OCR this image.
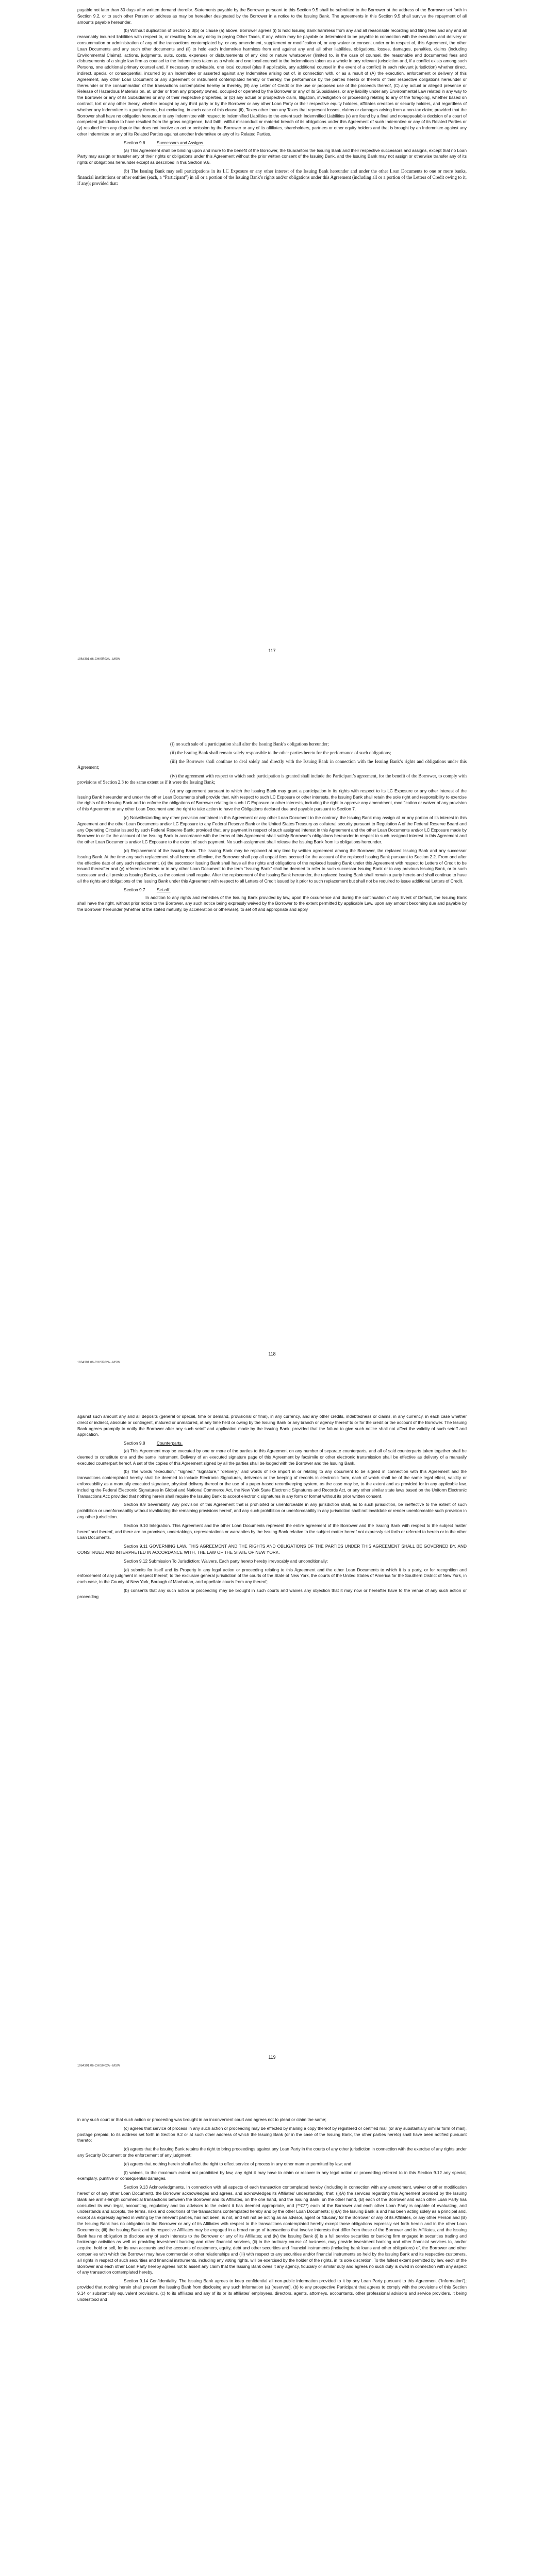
payable not later than 30 days after written demand therefor. Statements payable by the Borrower pursuant to this Section 9.5 shall be submitted to the Borrower at the address of the Borrower set forth in Section 9.2, or to such other Person or address as may be hereafter designated by the Borrower in a notice to the Issuing Bank. The agreements in this Section 9.5 shall survive the repayment of all amounts payable hereunder.

(b) Without duplication of Section 2.3(b) or clause (a) above, Borrower agrees (i) to hold Issuing Bank harmless from any and all reasonable recording and filing fees and any and all reasonably incurred liabilities with respect to, or resulting from any delay in paying Other Taxes, if any, which may be payable or determined to be payable in connection with the execution and delivery or consummation or administration of any of the transactions contemplated by, or any amendment, supplement or modification of, or any waiver or consent under or in respect of, this Agreement, the other Loan Documents and any such other documents and (ii) to hold each Indemnitee harmless from and against any and all other liabilities, obligations, losses, damages, penalties, claims (including Environmental Claims), actions, judgments, suits, costs, expenses or disbursements of any kind or nature whatsoever (limited to, in the case of counsel, the reasonable and documented fees and disbursements of a single law firm as counsel to the Indemnitees taken as a whole and one local counsel to the Indemnitees taken as a whole in any relevant jurisdiction and, if a conflict exists among such Persons, one additional primary counsel and, if necessary or advisable, one local counsel (plus if applicable, any additional counsel in the event of a conflict) in each relevant jurisdiction) whether direct, indirect, special or consequential, incurred by an Indemnitee or asserted against any Indemnitee arising out of, in connection with, or as a result of (A) the execution, enforcement or delivery of this Agreement, any other Loan Document or any agreement or instrument contemplated hereby or thereby, the performance by the parties hereto or thereto of their respective obligations hereunder or thereunder or the consummation of the transactions contemplated hereby or thereby, (B) any Letter of Credit or the use or proposed use of the proceeds thereof, (C) any actual or alleged presence or Release of Hazardous Materials on, at, under or from any property owned, occupied or operated by the Borrower or any of its Subsidiaries, or any liability under any Environmental Law related in any way to the Borrower or any of its Subsidiaries or any of their respective properties, or (D) any actual or prospective claim, litigation, investigation or proceeding relating to any of the foregoing, whether based on contract, tort or any other theory, whether brought by any third party or by the Borrower or any other Loan Party or their respective equity holders, affiliates creditors or security holders, and regardless of whether any Indemnitee is a party thereto, but excluding, in each case of this clause (ii), Taxes other than any Taxes that represent losses, claims or damages arising from a non-tax claim; provided that the Borrower shall have no obligation hereunder to any Indemnitee with respect to Indemnified Liabilities to the extent such Indemnified Liabilities (x) are found by a final and nonappealable decision of a court of competent jurisdiction to have resulted from the gross negligence, bad faith, willful misconduct or material breach of its obligations under this Agreement of such Indemnitee or any of its Related Parties or (y) resulted from any dispute that does not involve an act or omission by the Borrower or any of its affiliates, shareholders, partners or other equity holders and that is brought by an Indemnitee against any other Indemnitee or any of its Related Parties against another Indemnitee or any of its Related Parties.

Section 9.6	Successors and Assigns.

(a) This Agreement shall be binding upon and inure to the benefit of the Borrower, the Guarantors the Issuing Bank and their respective successors and assigns, except that no Loan Party may assign or transfer any of their rights or obligations under this Agreement without the prior written consent of the Issuing Bank, and the Issuing Bank may not assign or otherwise transfer any of its rights or obligations hereunder except as described in this Section 9.6.

(b) The Issuing Bank may sell participations in its LC Exposure or any other interest of the Issuing Bank hereunder and under the other Loan Documents to one or more banks, financial institutions or other entities (each, a “Participant”) in all or a portion of the Issuing Bank’s rights and/or obligations under this Agreement (including all or a portion of the Letters of Credit owing to it, if any); provided that:

117
1064301.06-CHISR02A - MSW

(i) no such sale of a participation shall alter the Issuing Bank’s obligations hereunder;

(ii) the Issuing Bank shall remain solely responsible to the other parties hereto for the performance of such obligations;

(iii) the Borrower shall continue to deal solely and directly with the Issuing Bank in connection with the Issuing Bank’s rights and obligations under this Agreement;

(iv) the agreement with respect to which such participation is granted shall include the Participant’s agreement, for the benefit of the Borrower, to comply with provisions of Section 2.3 to the same extent as if it were the Issuing Bank;

(v) any agreement pursuant to which the Issuing Bank may grant a participation in its rights with respect to its LC Exposure or any other interest of the Issuing Bank hereunder and under the other Loan Documents shall provide that, with respect to such LC Exposure or other interests, the Issuing Bank shall retain the sole right and responsibility to exercise the rights of the Issuing Bank and to enforce the obligations of Borrower relating to such LC Exposure or other interests, including the right to approve any amendment, modification or waiver of any provision of this Agreement or any other Loan Document and the right to take action to have the Obligations declared due and payable pursuant to Section 7.

(c) Notwithstanding any other provision contained in this Agreement or any other Loan Document to the contrary, the Issuing Bank may assign all or any portion of its interest in this Agreement and the other Loan Documents and/or LC Exposure to any Federal Reserve Bank or the United States Treasury as collateral security pursuant to Regulation A of the Federal Reserve Board and any Operating Circular issued by such Federal Reserve Bank; provided that, any payment in respect of such assigned interest in this Agreement and the other Loan Documents and/or LC Exposure made by Borrower to or for the account of the Issuing Bank in accordance with the terms of this Agreement shall satisfy Borrower’s obligations hereunder in respect to such assigned interest in this Agreement and the other Loan Documents and/or LC Exposure to the extent of such payment. No such assignment shall release the Issuing Bank from its obligations hereunder.

(d) Replacement of the Issuing Bank. The Issuing Bank may be replaced at any time by written agreement among the Borrower, the replaced Issuing Bank and any successor Issuing Bank. At the time any such replacement shall become effective, the Borrower shall pay all unpaid fees accrued for the account of the replaced Issuing Bank pursuant to Section 2.2. From and after the effective date of any such replacement, (x) the successor Issuing Bank shall have all the rights and obligations of the replaced Issuing Bank under this Agreement with respect to Letters of Credit to be issued thereafter and (y) references herein or in any other Loan Document to the term “Issuing Bank” shall be deemed to refer to such successor Issuing Bank or to any previous Issuing Bank, or to such successor and all previous Issuing Banks, as the context shall require. After the replacement of the Issuing Bank hereunder, the replaced Issuing Bank shall remain a party hereto and shall continue to have all the rights and obligations of the Issuing Bank under this Agreement with respect to all Letters of Credit issued by it prior to such replacement but shall not be required to issue additional Letters of Credit.

Section 9.7	Set-off.

In addition to any rights and remedies of the Issuing Bank provided by law, upon the occurrence and during the continuation of any Event of Default, the Issuing Bank shall have the right, without prior notice to the Borrower, any such notice being expressly waived by the Borrower to the extent permitted by applicable Law, upon any amount becoming due and payable by the Borrower hereunder (whether at the stated maturity, by acceleration or otherwise), to set off and appropriate and apply

118
1064301.06-CHISR02A - MSW

against such amount any and all deposits (general or special, time or demand, provisional or final), in any currency, and any other credits, indebtedness or claims, in any currency, in each case whether direct or indirect, absolute or contingent, matured or unmatured, at any time held or owing by the Issuing Bank or any branch or agency thereof to or for the credit or the account of the Borrower. The Issuing Bank agrees promptly to notify the Borrower after any such setoff and application made by the Issuing Bank; provided that the failure to give such notice shall not affect the validity of such setoff and application.

Section 9.8	Counterparts.

(a) This Agreement may be executed by one or more of the parties to this Agreement on any number of separate counterparts, and all of said counterparts taken together shall be deemed to constitute one and the same instrument. Delivery of an executed signature page of this Agreement by facsimile or other electronic transmission shall be effective as delivery of a manually executed counterpart hereof. A set of the copies of this Agreement signed by all the parties shall be lodged with the Borrower and the Issuing Bank.

(b) The words “execution,” “signed,” “signature,” “delivery,” and words of like import in or relating to any document to be signed in connection with this Agreement and the transactions contemplated hereby shall be deemed to include Electronic Signatures, deliveries or the keeping of records in electronic form, each of which shall be of the same legal effect, validity or enforceability as a manually executed signature, physical delivery thereof or the use of a paper-based recordkeeping system, as the case may be, to the extent and as provided for in any applicable law, including the Federal Electronic Signatures in Global and National Commerce Act, the New York State Electronic Signatures and Records Act, or any other similar state laws based on the Uniform Electronic Transactions Act; provided that nothing herein shall require the Issuing Bank to accept electronic signatures in any form or format without its prior written consent.

Section 9.9 Severability. Any provision of this Agreement that is prohibited or unenforceable in any jurisdiction shall, as to such jurisdiction, be ineffective to the extent of such prohibition or unenforceability without invalidating the remaining provisions hereof, and any such prohibition or unenforceability in any jurisdiction shall not invalidate or render unenforceable such provision in any other jurisdiction.

Section 9.10 Integration. This Agreement and the other Loan Documents represent the entire agreement of the Borrower and the Issuing Bank with respect to the subject matter hereof and thereof, and there are no promises, undertakings, representations or warranties by the Issuing Bank relative to the subject matter hereof not expressly set forth or referred to herein or in the other Loan Documents.

Section 9.11 GOVERNING LAW. THIS AGREEMENT AND THE RIGHTS AND OBLIGATIONS OF THE PARTIES UNDER THIS AGREEMENT SHALL BE GOVERNED BY, AND CONSTRUED AND INTERPRETED IN ACCORDANCE WITH, THE LAW OF THE STATE OF NEW YORK.

Section 9.12 Submission To Jurisdiction; Waivers. Each party hereto hereby irrevocably and unconditionally:

(a) submits for itself and its Property in any legal action or proceeding relating to this Agreement and the other Loan Documents to which it is a party, or for recognition and enforcement of any judgment in respect thereof, to the exclusive general jurisdiction of the courts of the State of New York, the courts of the United States of America for the Southern District of New York, in each case, in the County of New York, Borough of Manhattan, and appellate courts from any thereof;

(b) consents that any such action or proceeding may be brought in such courts and waives any objection that it may now or hereafter have to the venue of any such action or proceeding

119
1064301.06-CHISR02A - MSW

in any such court or that such action or proceeding was brought in an inconvenient court and agrees not to plead or claim the same;

(c) agrees that service of process in any such action or proceeding may be effected by mailing a copy thereof by registered or certified mail (or any substantially similar form of mail), postage prepaid, to its address set forth in Section 9.2 or at such other address of which the Issuing Bank (or in the case of the Issuing Bank, the other parties hereto) shall have been notified pursuant thereto;

(d) agrees that the Issuing Bank retains the right to bring proceedings against any Loan Party in the courts of any other jurisdiction in connection with the exercise of any rights under any Security Document or the enforcement of any judgment;

(e) agrees that nothing herein shall affect the right to effect service of process in any other manner permitted by law; and

(f) waives, to the maximum extent not prohibited by law, any right it may have to claim or recover in any legal action or proceeding referred to in this Section 9.12 any special, exemplary, punitive or consequential damages.

Section 9.13 Acknowledgments. In connection with all aspects of each transaction contemplated hereby (including in connection with any amendment, waiver or other modification hereof or of any other Loan Document), the Borrower acknowledges and agrees, and acknowledges its Affiliates’ understanding, that: (i)(A) the services regarding this Agreement provided by the Issuing Bank are arm’s-length commercial transactions between the Borrower and its Affiliates, on the one hand, and the Issuing Bank, on the other hand, (B) each of the Borrower and each other Loan Party has consulted its own legal, accounting, regulatory and tax advisors to the extent it has deemed appropriate, and (**C**) each of the Borrower and each other Loan Party is capable of evaluating, and understands and accepts, the terms, risks and conditions of the transactions contemplated hereby and by the other Loan Documents; (ii)(A) the Issuing Bank is and has been acting solely as a principal and, except as expressly agreed in writing by the relevant parties, has not been, is not, and will not be acting as an advisor, agent or fiduciary for the Borrower or any of its Affiliates, or any other Person and (B) the Issuing Bank has no obligation to the Borrower or any of its Affiliates with respect to the transactions contemplated hereby except those obligations expressly set forth herein and in the other Loan Documents; (iii) the Issuing Bank and its respective Affiliates may be engaged in a broad range of transactions that involve interests that differ from those of the Borrower and its Affiliates, and the Issuing Bank has no obligation to disclose any of such interests to the Borrower or any of its Affiliates; and (iv) the Issuing Bank (i) is a full service securities or banking firm engaged in securities trading and brokerage activities as well as providing investment banking and other financial services, (ii) in the ordinary course of business, may provide investment banking and other financial services to, and/or acquire, hold or sell, for its own accounts and the accounts of customers, equity, debt and other securities and financial instruments (including bank loans and other obligations) of, the Borrower and other companies with which the Borrower may have commercial or other relationships and (iii) with respect to any securities and/or financial instruments so held by the Issuing Bank and its respective customers, all rights in respect of such securities and financial instruments, including any voting rights, will be exercised by the holder of the rights, in its sole discretion. To the fullest extent permitted by law, each of the Borrower and each other Loan Party hereby agrees not to assert any claim that the Issuing Bank owes it any agency, fiduciary or similar duty and agrees no such duty is owed in connection with any aspect of any transaction contemplated hereby.

Section 9.14 Confidentiality. The Issuing Bank agrees to keep confidential all non-public information provided to it by any Loan Party pursuant to this Agreement (“Information”); provided that nothing herein shall prevent the Issuing Bank from disclosing any such Information (a) [reserved], (b) to any prospective Participant that agrees to comply with the provisions of this Section 9.14 or substantially equivalent provisions, (c) to its affiliates and any of its or its affiliates’ employees, directors, agents, attorneys, accountants, other professional advisors and service providers, it being understood and
